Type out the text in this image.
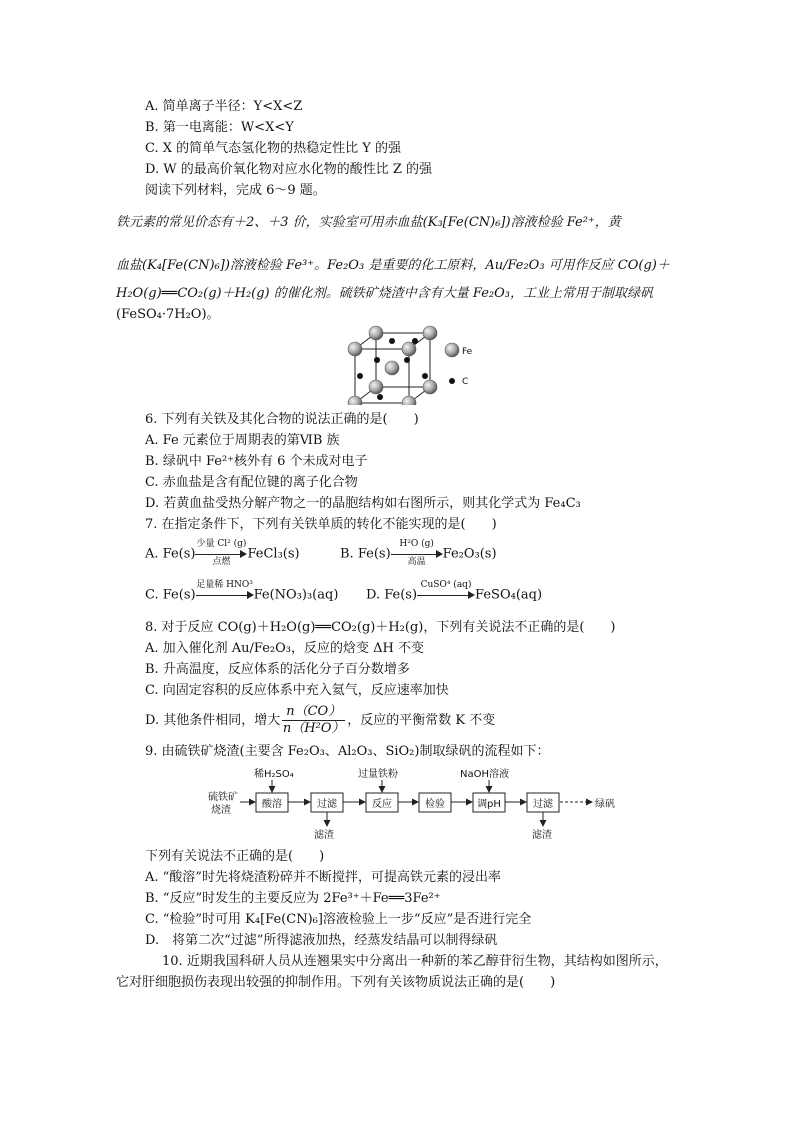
A. 简单离子半径：Y<X<Z
B. 第一电离能：W<X<Y
C. X 的简单气态氢化物的热稳定性比 Y 的强
D. W 的最高价氧化物对应水化物的酸性比 Z 的强
阅读下列材料，完成 6～9 题。
铁元素的常见价态有＋2、＋3 价，实验室可用赤血盐(K₃[Fe(CN)₆])溶液检验 Fe²⁺，黄
血盐(K₄[Fe(CN)₆])溶液检验 Fe³⁺。Fe₂O₃ 是重要的化工原料，Au/Fe₂O₃ 可用作反应 CO(g)＋
H₂O(g)══CO₂(g)＋H₂(g) 的催化剂。硫铁矿烧渣中含有大量 Fe₂O₃，工业上常用于制取绿矾
(FeSO₄·7H₂O)。
Fe
C
6. 下列有关铁及其化合物的说法正确的是(　　)
A. Fe 元素位于周期表的第ⅥB 族
B. 绿矾中 Fe²⁺核外有 6 个未成对电子
C. 赤血盐是含有配位键的离子化合物
D. 若黄血盐受热分解产物之一的晶胞结构如右图所示，则其化学式为 Fe₄C₃
7. 在指定条件下，下列有关铁单质的转化不能实现的是(　　)
A. Fe(s)
少量 Cl² (g)
点燃
FeCl₃(s)	B. Fe(s)
H²O (g)
高温
Fe₂O₃(s)
C. Fe(s)
足量稀 HNO³
Fe(NO₃)₃(aq) D. Fe(s)
CuSO⁴ (aq)
FeSO₄(aq)
8. 对于反应 CO(g)＋H₂O(g)══CO₂(g)＋H₂(g)，下列有关说法不正确的是(　　)
A. 加入催化剂 Au/Fe₂O₃，反应的焓变 ΔH 不变
B. 升高温度，反应体系的活化分子百分数增多
C. 向固定容积的反应体系中充入氦气，反应速率加快
D. 其他条件相同，增大 $\frac{n(CO)}{\text{n（H²O）}}$ ，反应的平衡常数 K 不变
9. 由硫铁矿烧渣(主要含 Fe₂O₃、Al₂O₃、SiO₂)制取绿矾的流程如下：
硫铁矿
烧渣
稀H₂SO₄	过量铁粉	NaOH溶液
滤渣	滤渣
绿矾
酸溶	过滤	反应	检验	调pH	过滤
下列有关说法不正确的是(　　)
A. “酸溶”时先将烧渣粉碎并不断搅拌，可提高铁元素的浸出率
B. “反应”时发生的主要反应为 2Fe³⁺＋Fe══3Fe²⁺
C. “检验”时可用 K₄[Fe(CN)₆]溶液检验上一步“反应”是否进行完全
D.　将第二次“过滤”所得滤液加热，经蒸发结晶可以制得绿矾
10. 近期我国科研人员从连翘果实中分离出一种新的苯乙醇苷衍生物，其结构如图所示，
它对肝细胞损伤表现出较强的抑制作用。下列有关该物质说法正确的是(　　)
